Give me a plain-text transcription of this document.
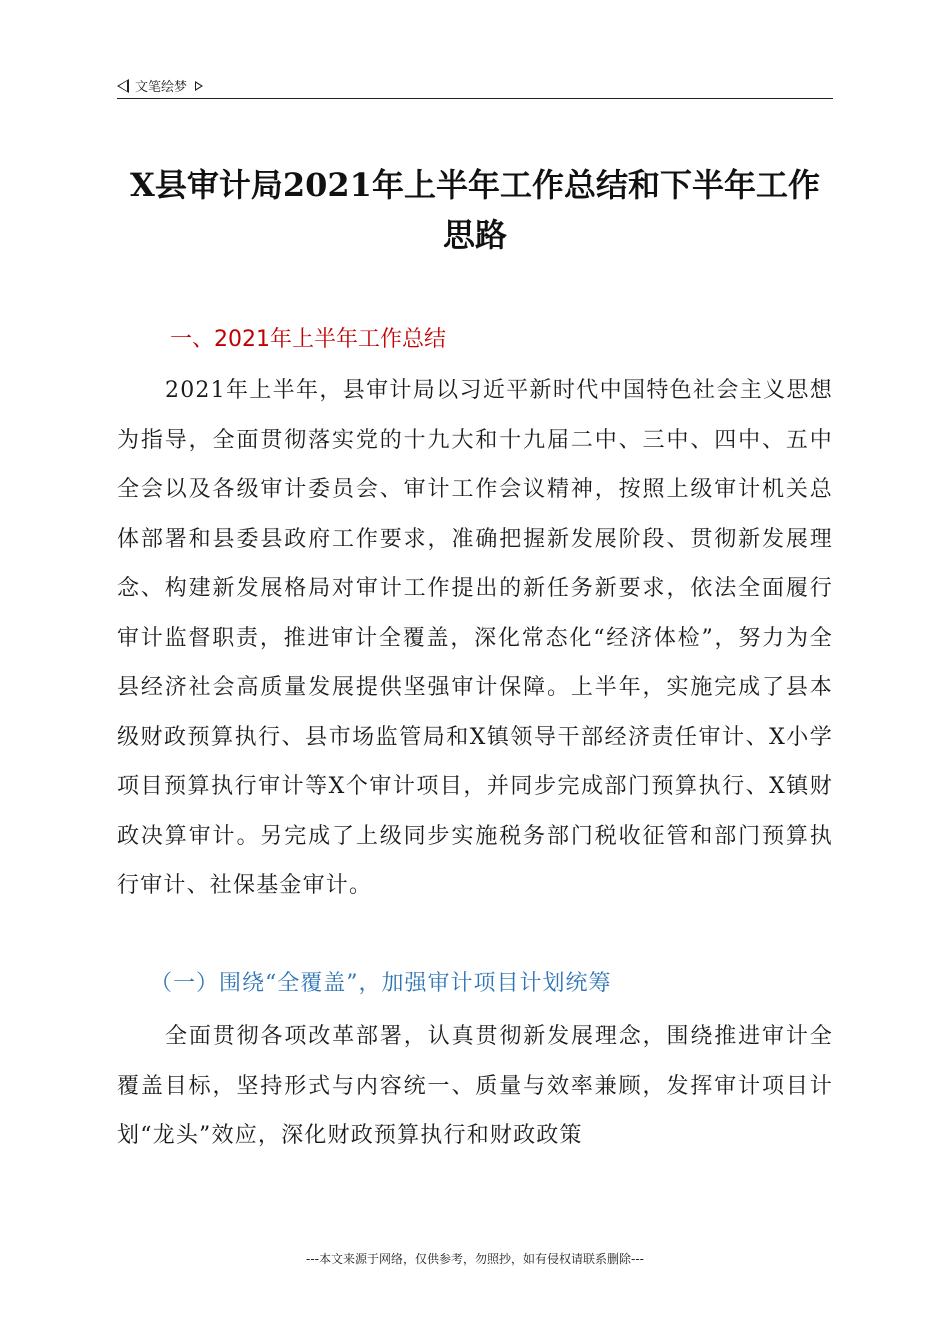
文笔绘梦
X县审计局2021年上半年工作总结和下半年工作思路
一、2021年上半年工作总结

2021年上半年，县审计局以习近平新时代中国特色社会主义思想为指导，全面贯彻落实党的十九大和十九届二中、三中、四中、五中全会以及各级审计委员会、审计工作会议精神，按照上级审计机关总体部署和县委县政府工作要求，准确把握新发展阶段、贯彻新发展理念、构建新发展格局对审计工作提出的新任务新要求，依法全面履行审计监督职责，推进审计全覆盖，深化常态化“经济体检”，努力为全县经济社会高质量发展提供坚强审计保障。上半年，实施完成了县本级财政预算执行、县市场监管局和X镇领导干部经济责任审计、X小学项目预算执行审计等X个审计项目，并同步完成部门预算执行、X镇财政决算审计。另完成了上级同步实施税务部门税收征管和部门预算执行审计、社保基金审计。

（一）围绕“全覆盖”，加强审计项目计划统筹

全面贯彻各项改革部署，认真贯彻新发展理念，围绕推进审计全覆盖目标，坚持形式与内容统一、质量与效率兼顾，发挥审计项目计划“龙头”效应，深化财政预算执行和财政政策

---本文来源于网络，仅供参考，勿照抄，如有侵权请联系删除---
